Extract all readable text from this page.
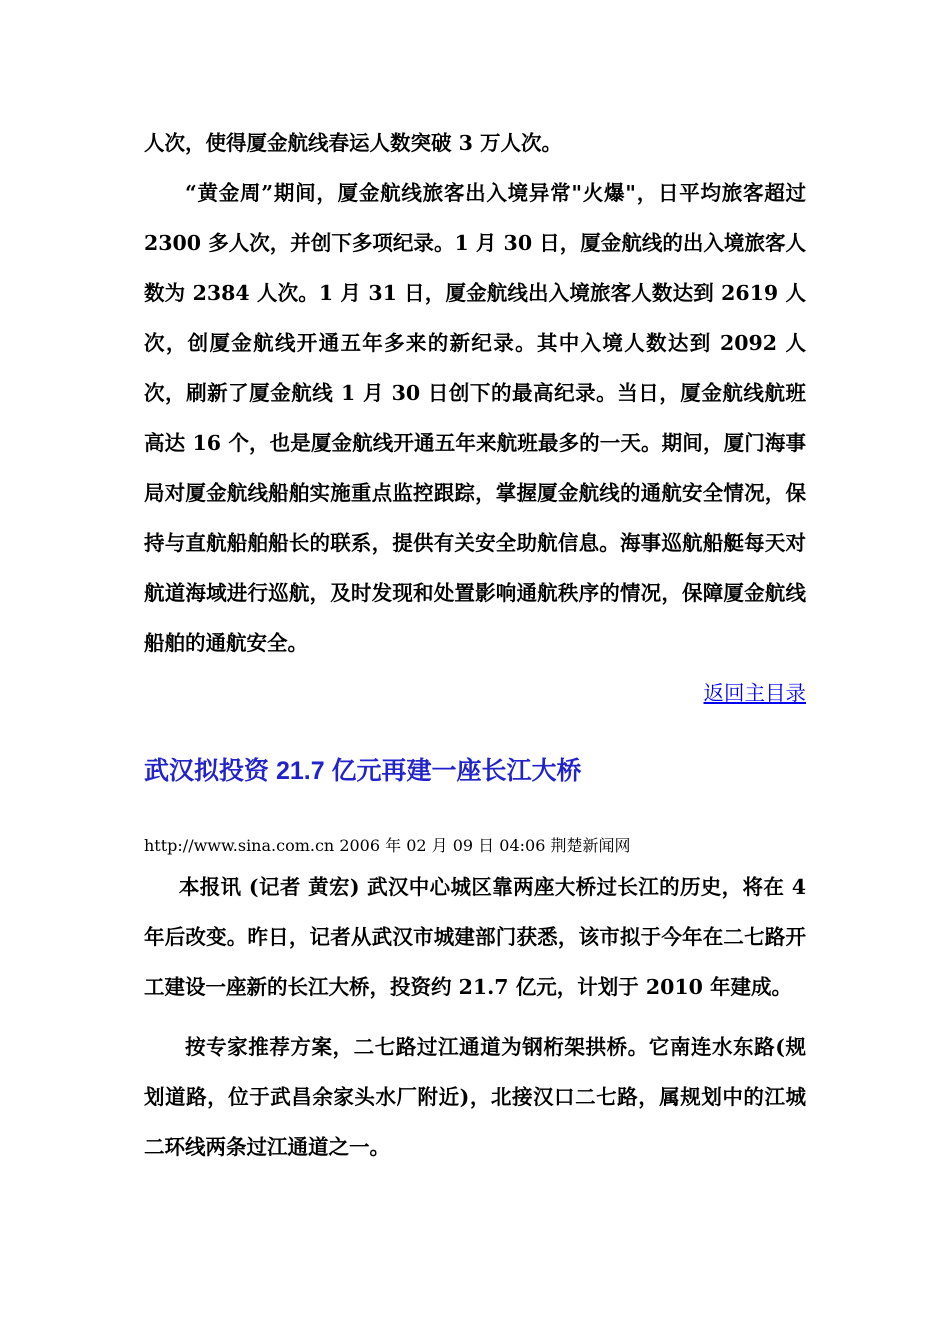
人次，使得厦金航线春运人数突破 3 万人次。

“黄金周”期间，厦金航线旅客出入境异常"火爆"，日平均旅客超过 2300 多人次，并创下多项纪录。1 月 30 日，厦金航线的出入境旅客人数为 2384 人次。1 月 31 日，厦金航线出入境旅客人数达到 2619 人次，创厦金航线开通五年多来的新纪录。其中入境人数达到 2092 人次，刷新了厦金航线 1 月 30 日创下的最高纪录。当日，厦金航线航班高达 16 个，也是厦金航线开通五年来航班最多的一天。期间，厦门海事局对厦金航线船舶实施重点监控跟踪，掌握厦金航线的通航安全情况，保持与直航船舶船长的联系，提供有关安全助航信息。海事巡航船艇每天对航道海域进行巡航，及时发现和处置影响通航秩序的情况，保障厦金航线船舶的通航安全。

返回主目录

武汉拟投资 21.7 亿元再建一座长江大桥

http://www.sina.com.cn 2006 年 02 月 09 日 04:06 荆楚新闻网

本报讯 (记者 黄宏) 武汉中心城区靠两座大桥过长江的历史，将在 4 年后改变。昨日，记者从武汉市城建部门获悉，该市拟于今年在二七路开工建设一座新的长江大桥，投资约 21.7 亿元，计划于 2010 年建成。

按专家推荐方案，二七路过江通道为钢桁架拱桥。它南连水东路(规划道路，位于武昌余家头水厂附近)，北接汉口二七路，属规划中的江城二环线两条过江通道之一。
